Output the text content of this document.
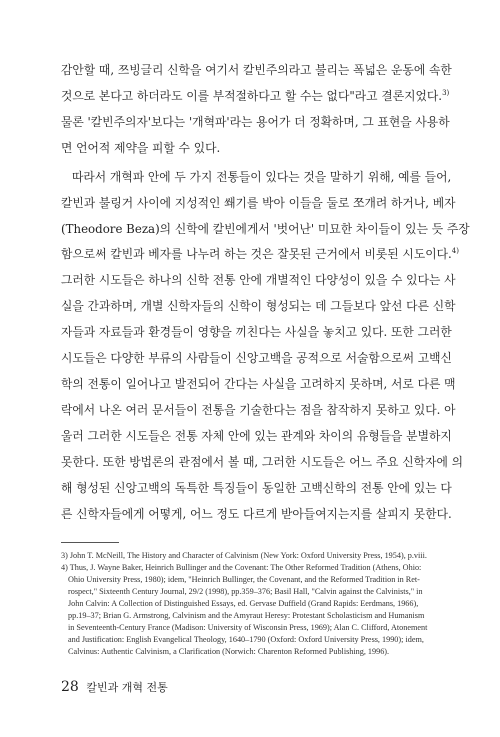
감안할 때, 쯔빙글리 신학을 여기서 칼빈주의라고 불리는 폭넓은 운동에 속한

것으로 본다고 하더라도 이를 부적절하다고 할 수는 없다"라고 결론지었다.$^{3)}$

물론 '칼빈주의자'보다는 '개혁파'라는 용어가 더 정확하며, 그 표현을 사용하

면 언어적 제약을 피할 수 있다.

따라서 개혁파 안에 두 가지 전통들이 있다는 것을 말하기 위해, 예를 들어,

칼빈과 불링거 사이에 지성적인 쐐기를 박아 이들을 둘로 쪼개려 하거나, 베자

(Theodore Beza)의 신학에 칼빈에게서 '벗어난' 미묘한 차이들이 있는 듯 주장

함으로써 칼빈과 베자를 나누려 하는 것은 잘못된 근거에서 비롯된 시도이다.$^{4)}$

그러한 시도들은 하나의 신학 전통 안에 개별적인 다양성이 있을 수 있다는 사

실을 간과하며, 개별 신학자들의 신학이 형성되는 데 그들보다 앞선 다른 신학

자들과 자료들과 환경들이 영향을 끼친다는 사실을 놓치고 있다. 또한 그러한

시도들은 다양한 부류의 사람들이 신앙고백을 공적으로 서술함으로써 고백신

학의 전통이 일어나고 발전되어 간다는 사실을 고려하지 못하며, 서로 다른 맥

락에서 나온 여러 문서들이 전통을 기술한다는 점을 참작하지 못하고 있다. 아

울러 그러한 시도들은 전통 자체 안에 있는 관계와 차이의 유형들을 분별하지

못한다. 또한 방법론의 관점에서 볼 때, 그러한 시도들은 어느 주요 신학자에 의

해 형성된 신앙고백의 독특한 특징들이 동일한 고백신학의 전통 안에 있는 다

른 신학자들에게 어떻게, 어느 정도 다르게 받아들여지는지를 살피지 못한다.

3) John T. McNeill, The History and Character of Calvinism (New York: Oxford University Press, 1954), p.viii.

4) Thus, J. Wayne Baker, Heinrich Bullinger and the Covenant: The Other Reformed Tradition (Athens, Ohio:

Ohio University Press, 1980); idem, "Heinrich Bullinger, the Covenant, and the Reformed Tradition in Ret-

rospect," Sixteenth Century Journal, 29/2 (1998), pp.359–376; Basil Hall, "Calvin against the Calvinists," in

John Calvin: A Collection of Distinguished Essays, ed. Gervase Duffield (Grand Rapids: Eerdmans, 1966),

pp.19–37; Brian G. Armstrong, Calvinism and the Amyraut Heresy: Protestant Scholasticism and Humanism

in Seventeenth-Century France (Madison: University of Wisconsin Press, 1969); Alan C. Clifford, Atonement

and Justification: English Evangelical Theology, 1640–1790 (Oxford: Oxford University Press, 1990); idem,

Calvinus: Authentic Calvinism, a Clarification (Norwich: Charenton Reformed Publishing, 1996).

28 칼빈과 개혁 전통
